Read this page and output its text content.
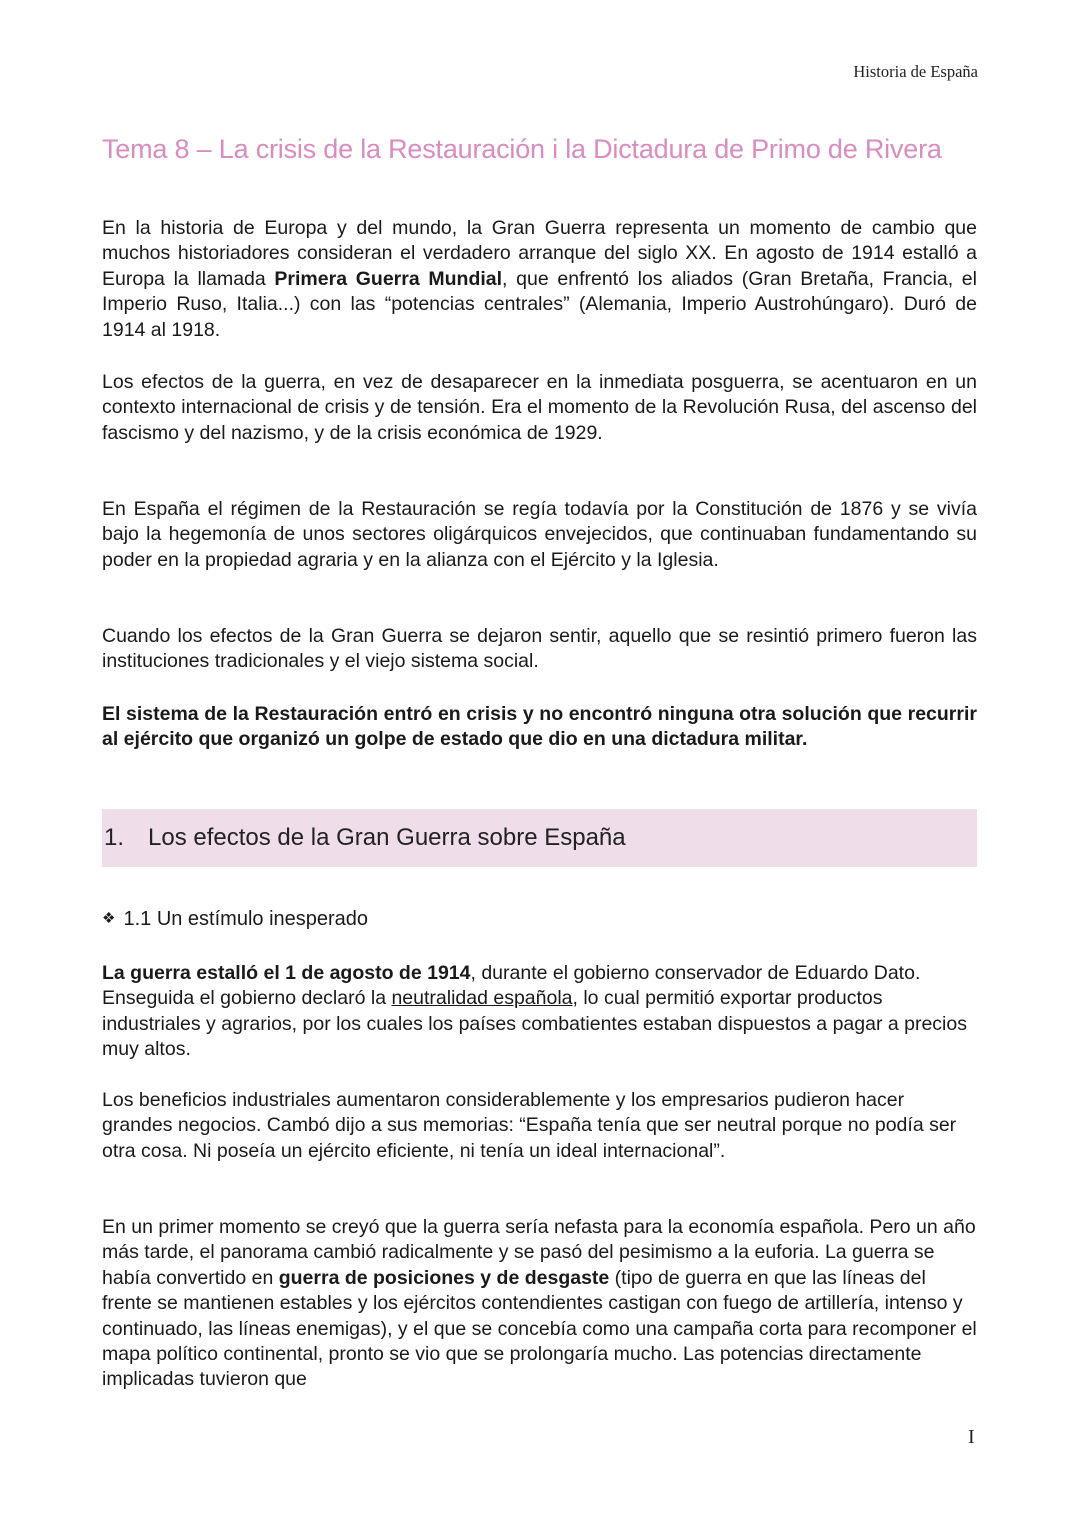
Historia de España
Tema 8 – La crisis de la Restauración i la Dictadura de Primo de Rivera

En la historia de Europa y del mundo, la Gran Guerra representa un momento de cambio que muchos historiadores consideran el verdadero arranque del siglo XX. En agosto de 1914 estalló a Europa la llamada Primera Guerra Mundial, que enfrentó los aliados (Gran Bretaña, Francia, el Imperio Ruso, Italia...) con las “potencias centrales” (Alemania, Imperio Austrohúngaro). Duró de 1914 al 1918.

Los efectos de la guerra, en vez de desaparecer en la inmediata posguerra, se acentuaron en un contexto internacional de crisis y de tensión. Era el momento de la Revolución Rusa, del ascenso del fascismo y del nazismo, y de la crisis económica de 1929.

En España el régimen de la Restauración se regía todavía por la Constitución de 1876 y se vivía bajo la hegemonía de unos sectores oligárquicos envejecidos, que continuaban fundamentando su poder en la propiedad agraria y en la alianza con el Ejército y la Iglesia.

Cuando los efectos de la Gran Guerra se dejaron sentir, aquello que se resintió primero fueron las instituciones tradicionales y el viejo sistema social.

El sistema de la Restauración entró en crisis y no encontró ninguna otra solución que recurrir al ejército que organizó un golpe de estado que dio en una dictadura militar.

1. Los efectos de la Gran Guerra sobre España
❖ 1.1 Un estímulo inesperado

La guerra estalló el 1 de agosto de 1914, durante el gobierno conservador de Eduardo Dato. Enseguida el gobierno declaró la neutralidad española, lo cual permitió exportar productos industriales y agrarios, por los cuales los países combatientes estaban dispuestos a pagar a precios muy altos.

Los beneficios industriales aumentaron considerablemente y los empresarios pudieron hacer grandes negocios. Cambó dijo a sus memorias: “España tenía que ser neutral porque no podía ser otra cosa. Ni poseía un ejército eficiente, ni tenía un ideal internacional”.

En un primer momento se creyó que la guerra sería nefasta para la economía española. Pero un año más tarde, el panorama cambió radicalmente y se pasó del pesimismo a la euforia. La guerra se había convertido en guerra de posiciones y de desgaste (tipo de guerra en que las líneas del frente se mantienen estables y los ejércitos contendientes castigan con fuego de artillería, intenso y continuado, las líneas enemigas), y el que se concebía como una campaña corta para recomponer el mapa político continental, pronto se vio que se prolongaría mucho. Las potencias directamente implicadas tuvieron que

I
